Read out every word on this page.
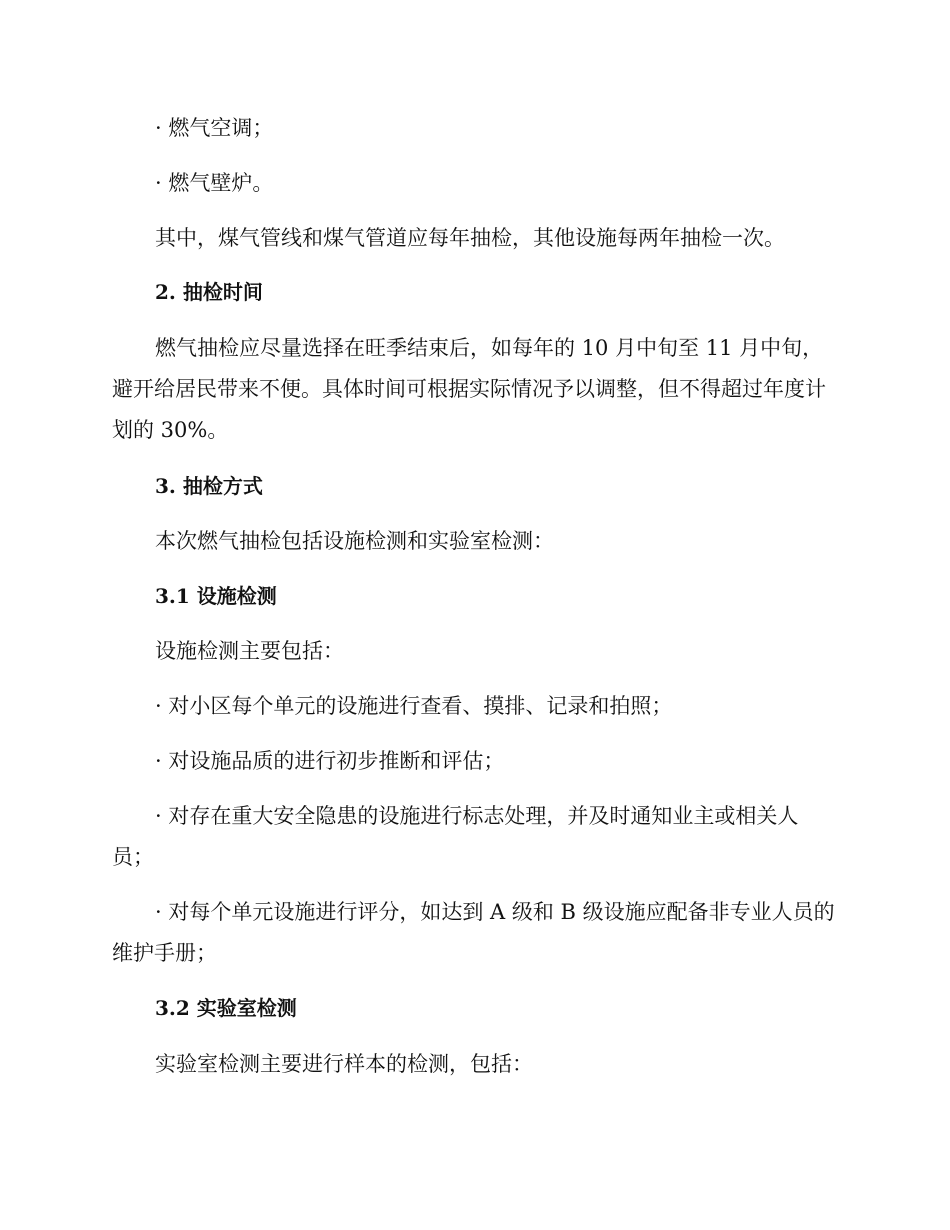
· 燃气空调；

· 燃气壁炉。

其中，煤气管线和煤气管道应每年抽检，其他设施每两年抽检一次。

2. 抽检时间

燃气抽检应尽量选择在旺季结束后，如每年的 10 月中旬至 11 月中旬，避开给居民带来不便。具体时间可根据实际情况予以调整，但不得超过年度计划的 30%。

3. 抽检方式

本次燃气抽检包括设施检测和实验室检测：

3.1 设施检测

设施检测主要包括：

· 对小区每个单元的设施进行查看、摸排、记录和拍照；

· 对设施品质的进行初步推断和评估；

· 对存在重大安全隐患的设施进行标志处理，并及时通知业主或相关人员；

· 对每个单元设施进行评分，如达到 A 级和 B 级设施应配备非专业人员的维护手册；

3.2 实验室检测

实验室检测主要进行样本的检测，包括：
